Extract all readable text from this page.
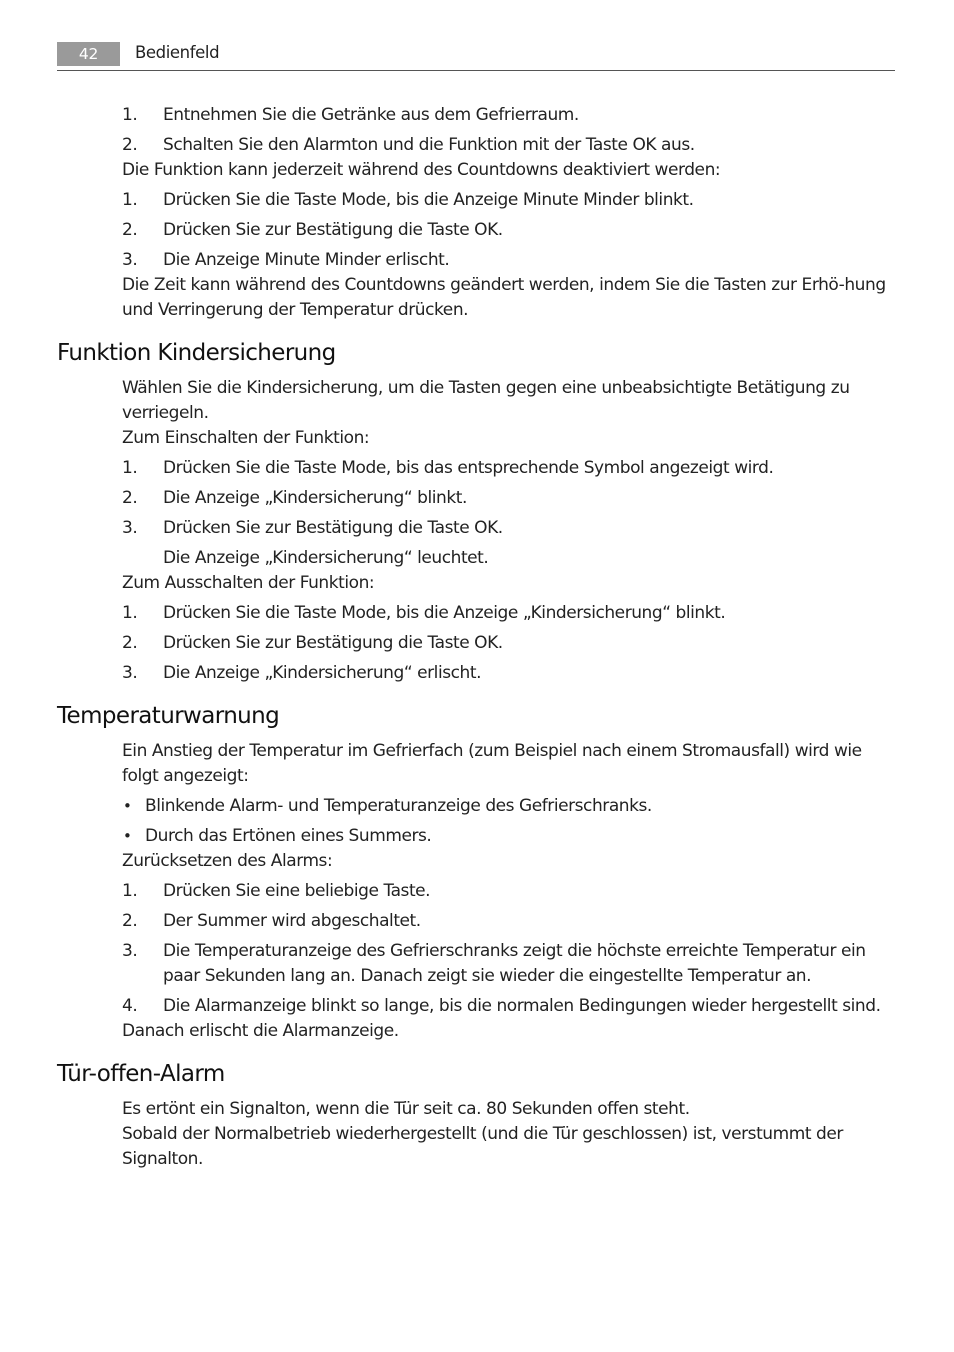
42	Bedienfeld
1. Entnehmen Sie die Getränke aus dem Gefrierraum.
2. Schalten Sie den Alarmton und die Funktion mit der Taste OK aus.

Die Funktion kann jederzeit während des Countdowns deaktiviert werden:

1. Drücken Sie die Taste Mode, bis die Anzeige Minute Minder blinkt.
2. Drücken Sie zur Bestätigung die Taste OK.
3. Die Anzeige Minute Minder erlischt.

Die Zeit kann während des Countdowns geändert werden, indem Sie die Tasten zur Erhö-hung und Verringerung der Temperatur drücken.

Funktion Kindersicherung

Wählen Sie die Kindersicherung, um die Tasten gegen eine unbeabsichtigte Betätigung zu verriegeln.

Zum Einschalten der Funktion:

1. Drücken Sie die Taste Mode, bis das entsprechende Symbol angezeigt wird.
2. Die Anzeige „Kindersicherung“ blinkt.
3. Drücken Sie zur Bestätigung die Taste OK.

Die Anzeige „Kindersicherung“ leuchtet.

Zum Ausschalten der Funktion:

1. Drücken Sie die Taste Mode, bis die Anzeige „Kindersicherung“ blinkt.
2. Drücken Sie zur Bestätigung die Taste OK.
3. Die Anzeige „Kindersicherung“ erlischt.
Temperaturwarnung

Ein Anstieg der Temperatur im Gefrierfach (zum Beispiel nach einem Stromausfall) wird wie folgt angezeigt:

• Blinkende Alarm- und Temperaturanzeige des Gefrierschranks.
• Durch das Ertönen eines Summers.

Zurücksetzen des Alarms:

1. Drücken Sie eine beliebige Taste.
2. Der Summer wird abgeschaltet.
3. Die Temperaturanzeige des Gefrierschranks zeigt die höchste erreichte Temperatur ein paar Sekunden lang an. Danach zeigt sie wieder die eingestellte Temperatur an.
4. Die Alarmanzeige blinkt so lange, bis die normalen Bedingungen wieder hergestellt sind.

Danach erlischt die Alarmanzeige.

Tür-offen-Alarm

Es ertönt ein Signalton, wenn die Tür seit ca. 80 Sekunden offen steht.

Sobald der Normalbetrieb wiederhergestellt (und die Tür geschlossen) ist, verstummt der Signalton.
